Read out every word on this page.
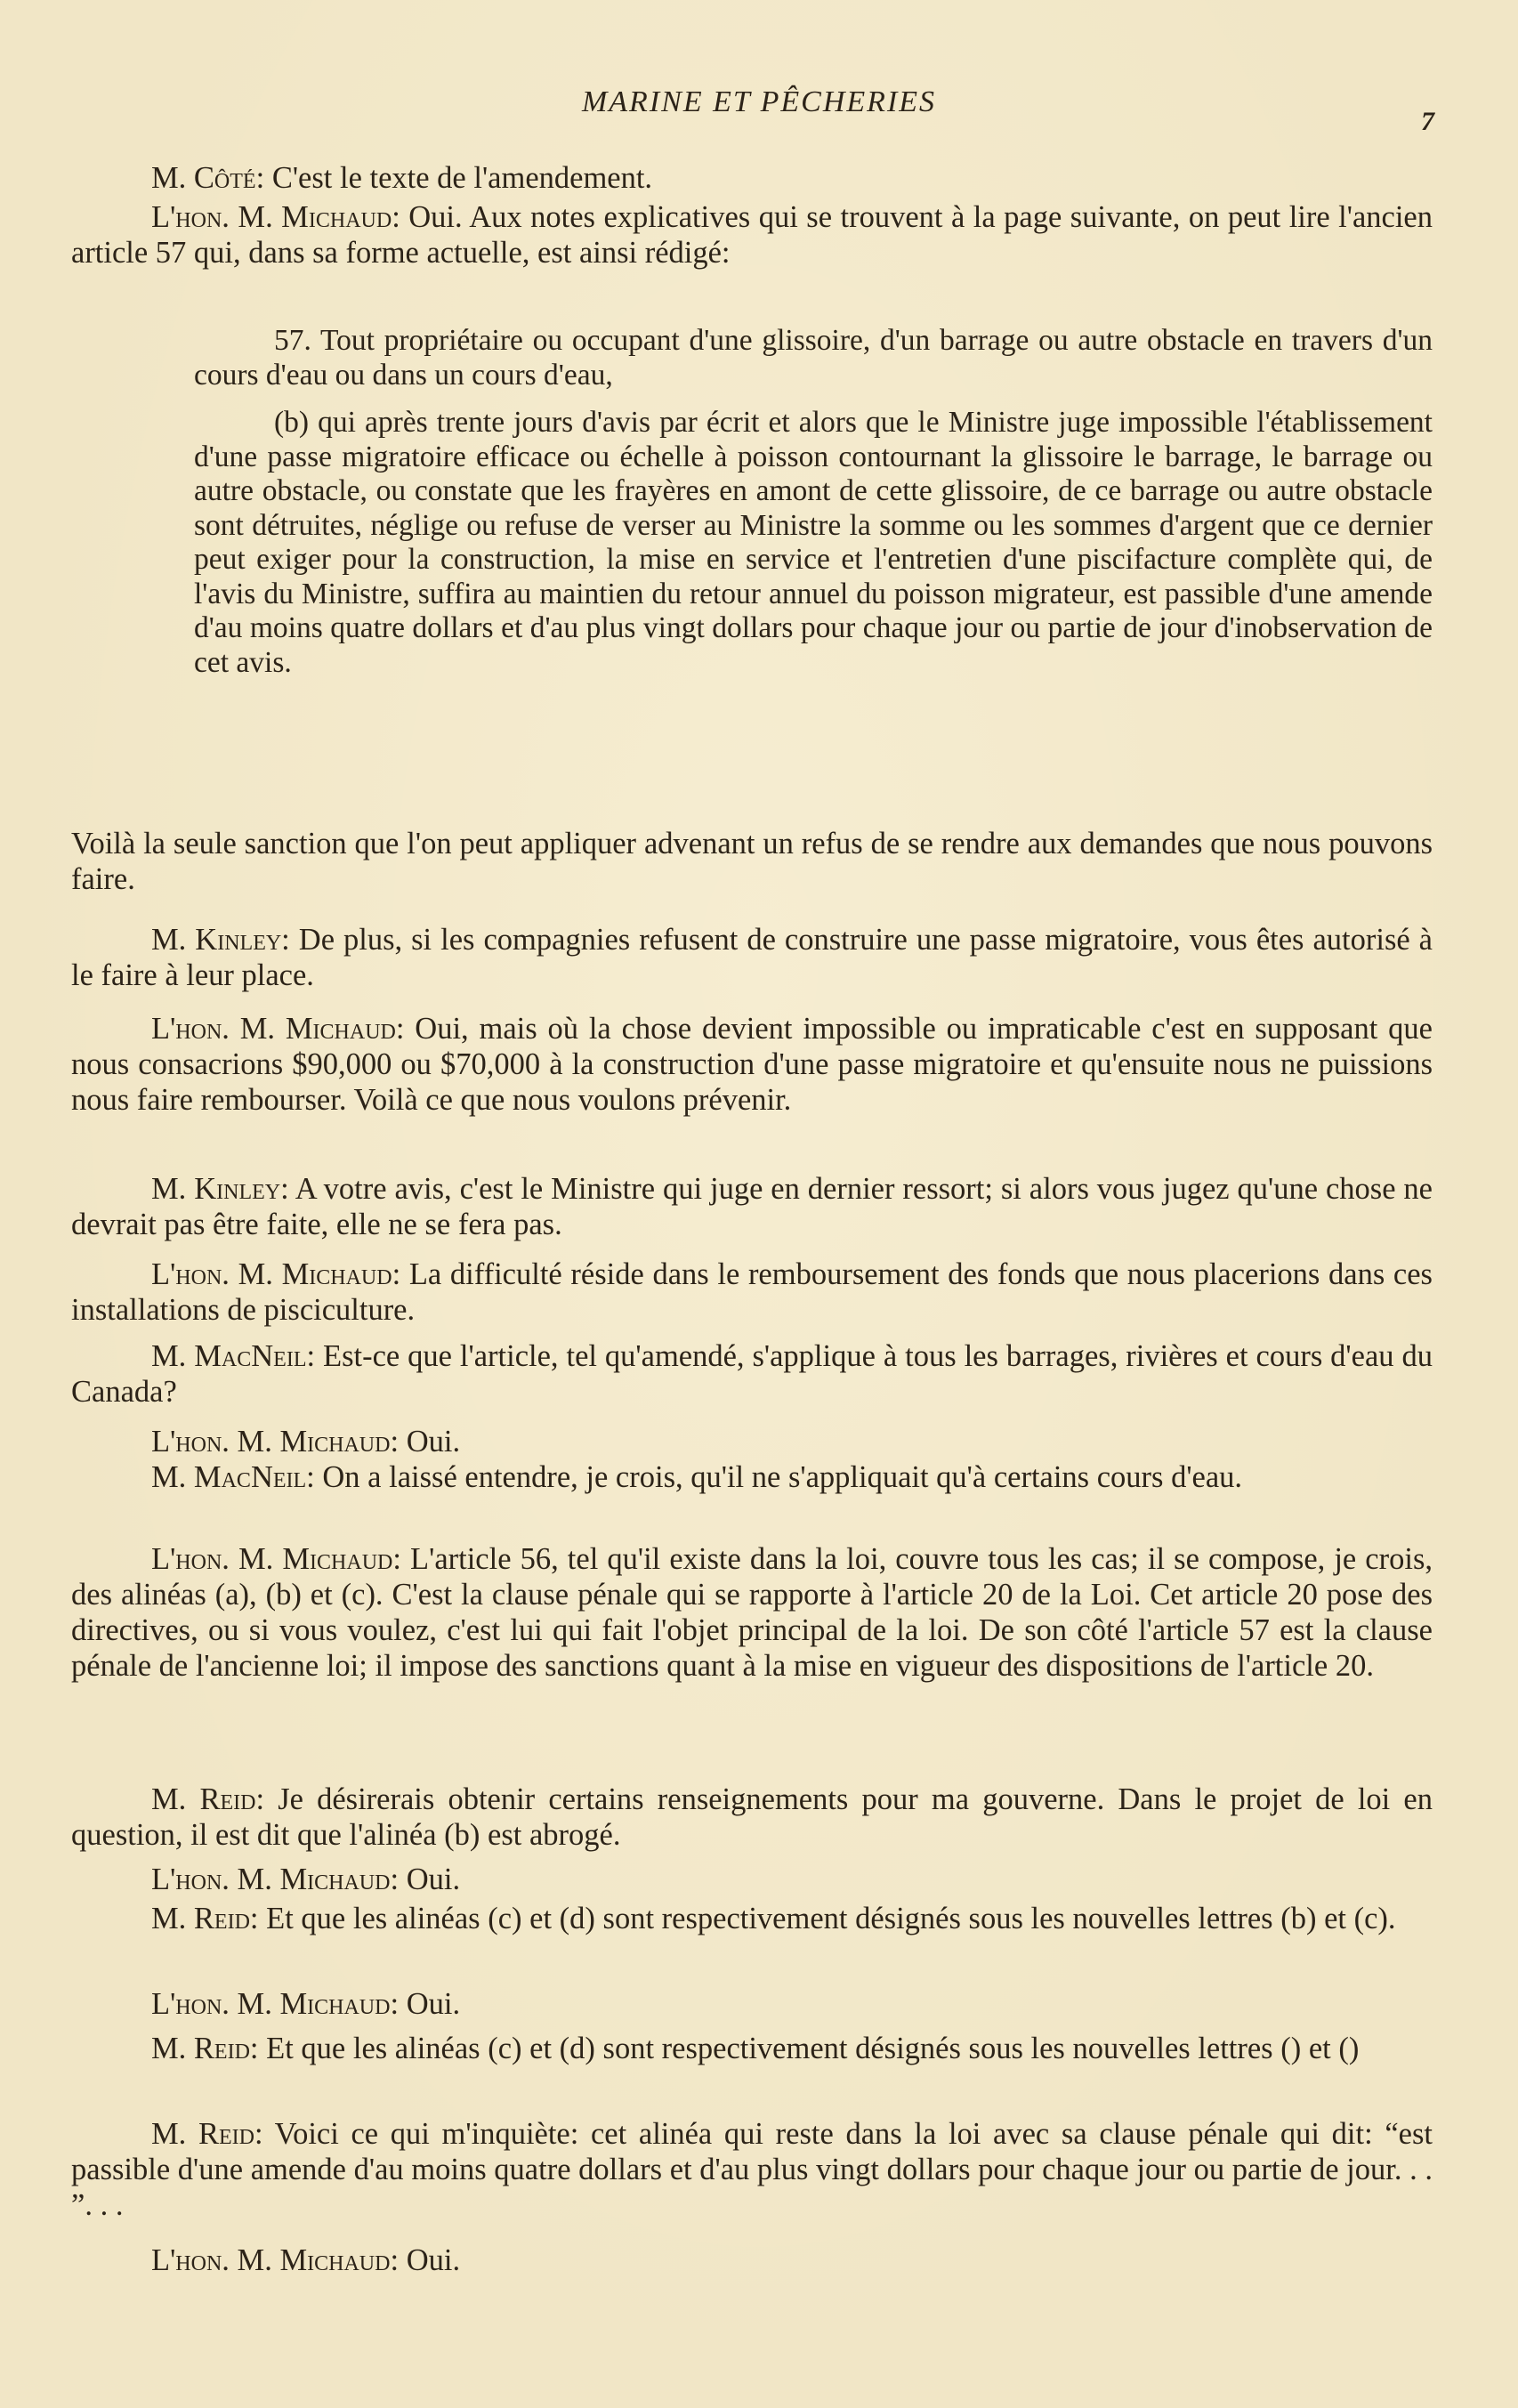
MARINE ET PÊCHERIES
7

M. Côté: C'est le texte de l'amendement.

L'hon. M. Michaud: Oui. Aux notes explicatives qui se trouvent à la page suivante, on peut lire l'ancien article 57 qui, dans sa forme actuelle, est ainsi rédigé:

57. Tout propriétaire ou occupant d'une glissoire, d'un barrage ou autre obstacle en travers d'un cours d'eau ou dans un cours d'eau,

(b) qui après trente jours d'avis par écrit et alors que le Ministre juge impossible l'établissement d'une passe migratoire efficace ou échelle à poisson contournant la glissoire le barrage, le barrage ou autre obstacle, ou constate que les frayères en amont de cette glissoire, de ce barrage ou autre obstacle sont détruites, néglige ou refuse de verser au Ministre la somme ou les sommes d'argent que ce dernier peut exiger pour la construction, la mise en service et l'entretien d'une piscifacture complète qui, de l'avis du Ministre, suffira au maintien du retour annuel du poisson migrateur, est passible d'une amende d'au moins quatre dollars et d'au plus vingt dollars pour chaque jour ou partie de jour d'inobservation de cet avis.

Voilà la seule sanction que l'on peut appliquer advenant un refus de se rendre aux demandes que nous pouvons faire.

M. Kinley: De plus, si les compagnies refusent de construire une passe migratoire, vous êtes autorisé à le faire à leur place.

L'hon. M. Michaud: Oui, mais où la chose devient impossible ou impraticable c'est en supposant que nous consacrions $90,000 ou $70,000 à la construction d'une passe migratoire et qu'ensuite nous ne puissions nous faire rembourser. Voilà ce que nous voulons prévenir.

M. Kinley: A votre avis, c'est le Ministre qui juge en dernier ressort; si alors vous jugez qu'une chose ne devrait pas être faite, elle ne se fera pas.

L'hon. M. Michaud: La difficulté réside dans le remboursement des fonds que nous placerions dans ces installations de pisciculture.

M. MacNeil: Est-ce que l'article, tel qu'amendé, s'applique à tous les barrages, rivières et cours d'eau du Canada?

L'hon. M. Michaud: Oui.

M. MacNeil: On a laissé entendre, je crois, qu'il ne s'appliquait qu'à certains cours d'eau.

L'hon. M. Michaud: L'article 56, tel qu'il existe dans la loi, couvre tous les cas; il se compose, je crois, des alinéas (a), (b) et (c). C'est la clause pénale qui se rapporte à l'article 20 de la Loi. Cet article 20 pose des directives, ou si vous voulez, c'est lui qui fait l'objet principal de la loi. De son côté l'article 57 est la clause pénale de l'ancienne loi; il impose des sanctions quant à la mise en vigueur des dispositions de l'article 20.

M. Reid: Je désirerais obtenir certains renseignements pour ma gouverne. Dans le projet de loi en question, il est dit que l'alinéa (b) est abrogé.

L'hon. M. Michaud: Oui.

M. Reid: Et que les alinéas (c) et (d) sont respectivement désignés sous les nouvelles lettres (b) et (c).

L'hon. M. Michaud: Oui.

M. Reid: Et que les alinéas (c) et (d) sont respectivement désignés sous les nouvelles lettres () et ()

M. Reid: Voici ce qui m'inquiète: cet alinéa qui reste dans la loi avec sa clause pénale qui dit: “est passible d'une amende d'au moins quatre dollars et d'au plus vingt dollars pour chaque jour ou partie de jour. . . ”. . .

L'hon. M. Michaud: Oui.
